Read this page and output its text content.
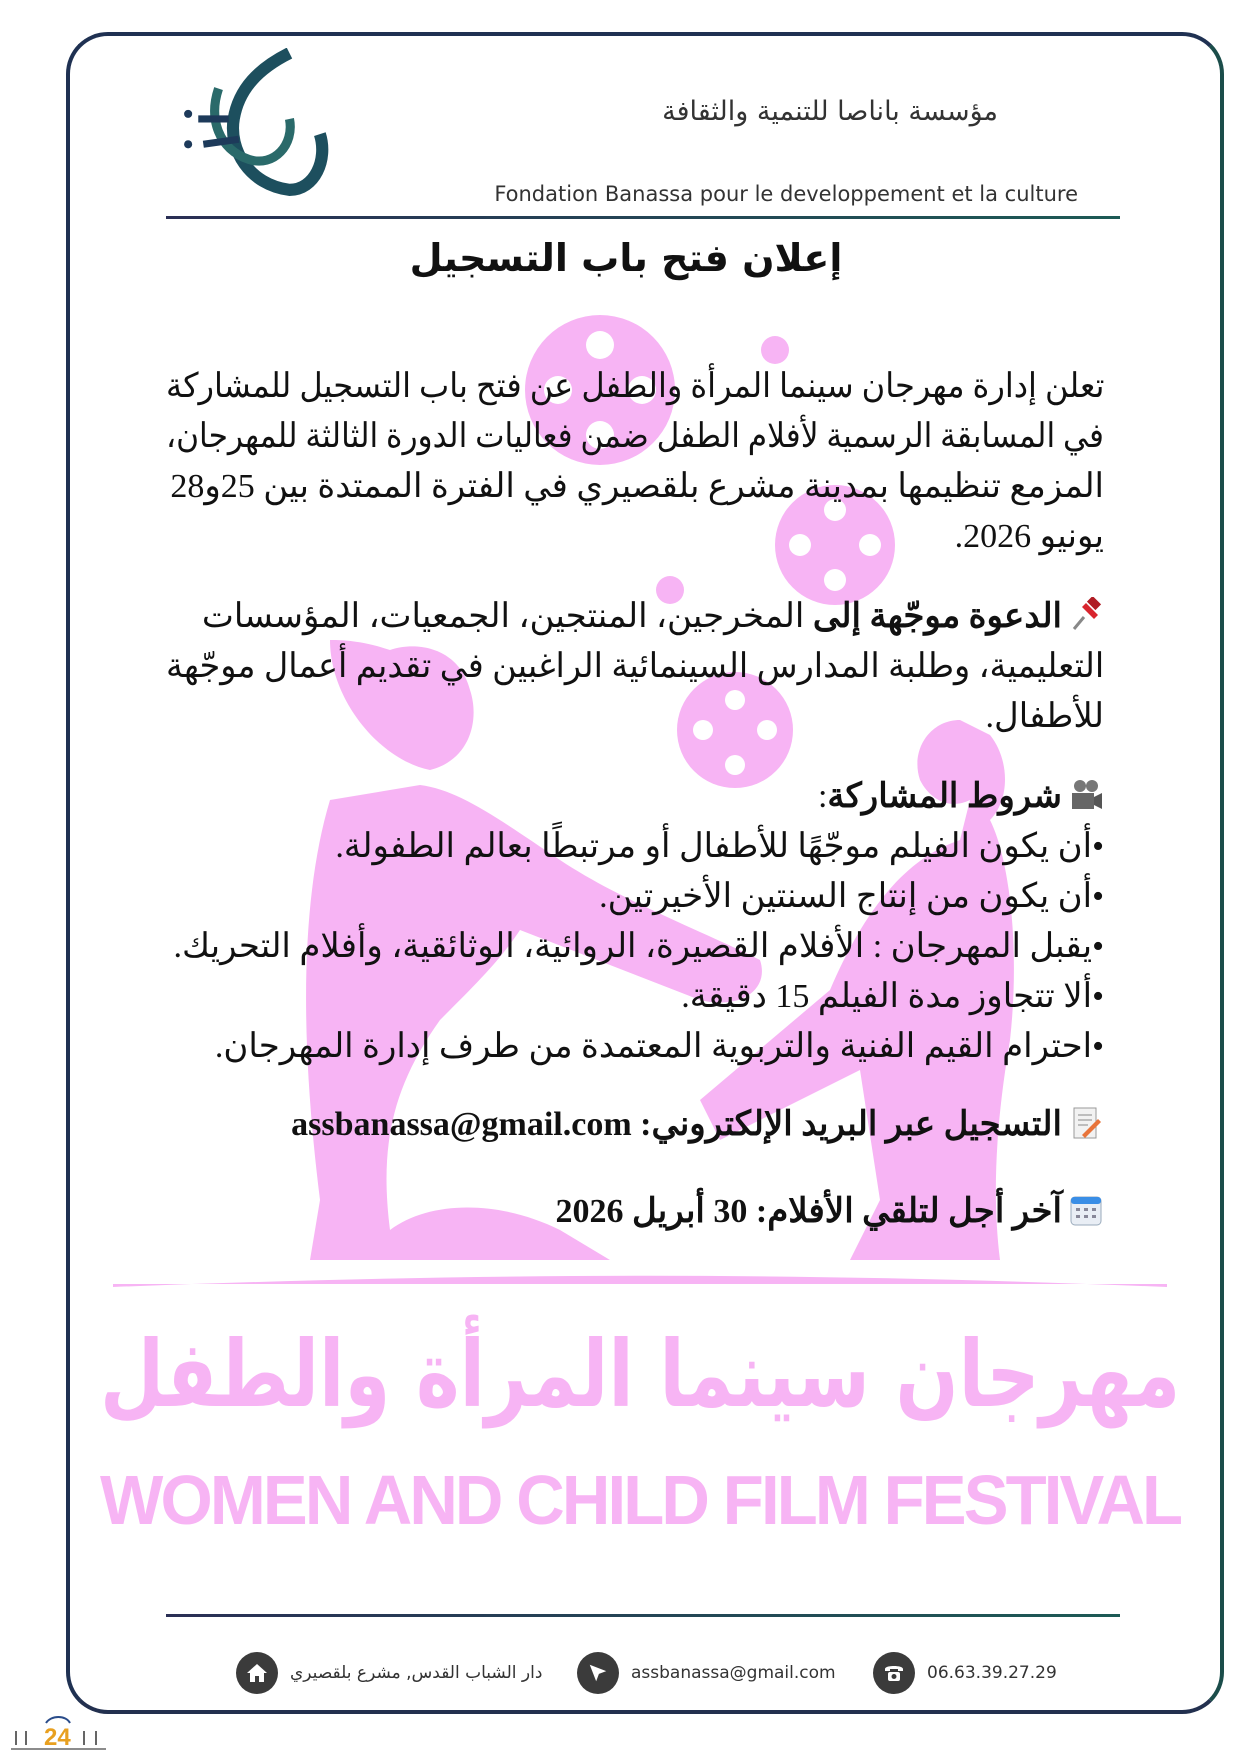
مؤسسة باناصا للتنمية والثقافة
Fondation Banassa pour le developpement et la culture
إعلان فتح باب التسجيل
تعلن إدارة مهرجان سينما المرأة والطفل عن فتح باب التسجيل للمشاركة
في المسابقة الرسمية لأفلام الطفل ضمن فعاليات الدورة الثالثة للمهرجان،
المزمع تنظيمها بمدينة مشرع بلقصيري في الفترة الممتدة بين 25و28
يونيو 2026.
الدعوة موجّهة إلى المخرجين، المنتجين، الجمعيات، المؤسسات
التعليمية، وطلبة المدارس السينمائية الراغبين في تقديم أعمال موجّهة
للأطفال.
شروط المشاركة:
•أن يكون الفيلم موجّهًا للأطفال أو مرتبطًا بعالم الطفولة.
•أن يكون من إنتاج السنتين الأخيرتين.
•يقبل المهرجان : الأفلام القصيرة، الروائية، الوثائقية، وأفلام التحريك.
•ألا تتجاوز مدة الفيلم 15 دقيقة.
•احترام القيم الفنية والتربوية المعتمدة من طرف إدارة المهرجان.
التسجيل عبر البريد الإلكتروني: assbanassa@gmail.com
آخر أجل لتلقي الأفلام: 30 أبريل 2026
مهرجان سينما المرأة والطفل
WOMEN AND CHILD FILM FESTIVAL
دار الشباب القدس, مشرع بلقصيري	assbanassa@gmail.com	06.63.39.27.29
24
